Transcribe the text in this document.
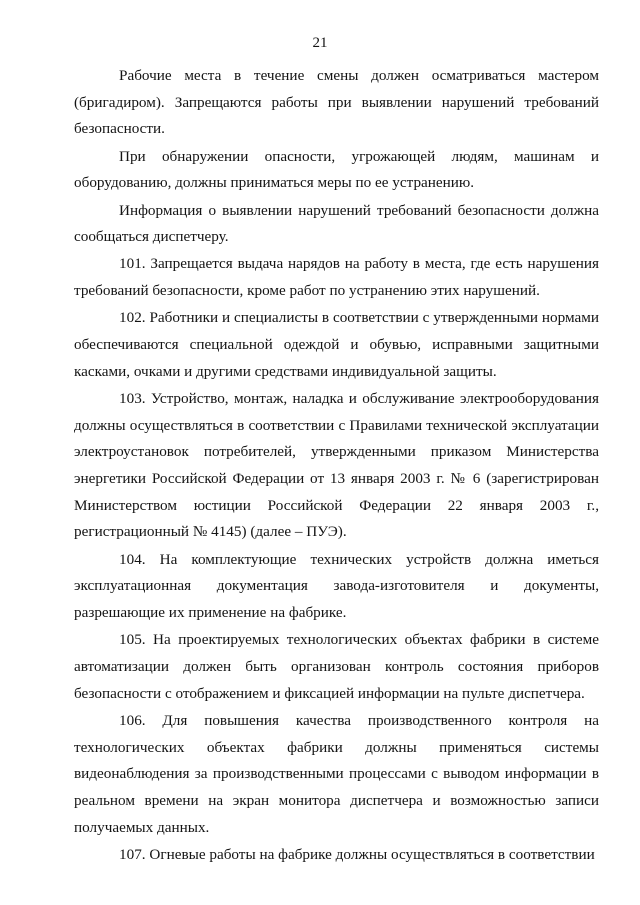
21

Рабочие места в течение смены должен осматриваться мастером (бригадиром). Запрещаются работы при выявлении нарушений требований безопасности.

При обнаружении опасности, угрожающей людям, машинам и оборудованию, должны приниматься меры по ее устранению.

Информация о выявлении нарушений требований безопасности должна сообщаться диспетчеру.

101. Запрещается выдача нарядов на работу в места, где есть нарушения требований безопасности, кроме работ по устранению этих нарушений.

102. Работники и специалисты в соответствии с утвержденными нормами обеспечиваются специальной одеждой и обувью, исправными защитными касками, очками и другими средствами индивидуальной защиты.

103. Устройство, монтаж, наладка и обслуживание электрооборудования должны осуществляться в соответствии с Правилами технической эксплуатации электроустановок потребителей, утвержденными приказом Министерства энергетики Российской Федерации от 13 января 2003 г. № 6 (зарегистрирован Министерством юстиции Российской Федерации 22 января 2003 г., регистрационный № 4145) (далее – ПУЭ).

104. На комплектующие технических устройств должна иметься эксплуатационная документация завода-изготовителя и документы, разрешающие их применение на фабрике.

105. На проектируемых технологических объектах фабрики в системе автоматизации должен быть организован контроль состояния приборов безопасности с отображением и фиксацией информации на пульте диспетчера.

106. Для повышения качества производственного контроля на технологических объектах фабрики должны применяться системы видеонаблюдения за производственными процессами с выводом информации в реальном времени на экран монитора диспетчера и возможностью записи получаемых данных.

107. Огневые работы на фабрике должны осуществляться в соответствии
